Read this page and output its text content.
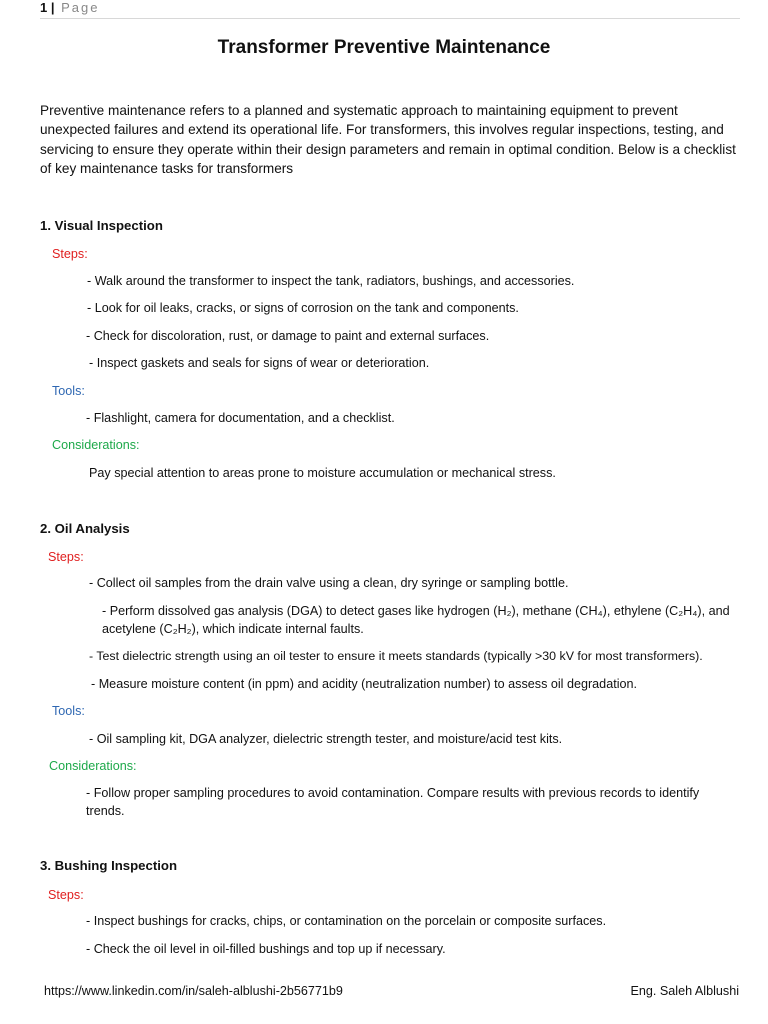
1 | Page
Transformer Preventive Maintenance
Preventive maintenance refers to a planned and systematic approach to maintaining equipment to prevent unexpected failures and extend its operational life. For transformers, this involves regular inspections, testing, and servicing to ensure they operate within their design parameters and remain in optimal condition. Below is a checklist of key maintenance tasks for transformers
1. Visual Inspection
Steps:
- Walk around the transformer to inspect the tank, radiators, bushings, and accessories.
- Look for oil leaks, cracks, or signs of corrosion on the tank and components.
- Check for discoloration, rust, or damage to paint and external surfaces.
- Inspect gaskets and seals for signs of wear or deterioration.
Tools:
- Flashlight, camera for documentation, and a checklist.
Considerations:
Pay special attention to areas prone to moisture accumulation or mechanical stress.
2. Oil Analysis
Steps:
- Collect oil samples from the drain valve using a clean, dry syringe or sampling bottle.
- Perform dissolved gas analysis (DGA) to detect gases like hydrogen (H₂), methane (CH₄), ethylene (C₂H₄), and acetylene (C₂H₂), which indicate internal faults.
- Test dielectric strength using an oil tester to ensure it meets standards (typically >30 kV for most transformers).
- Measure moisture content (in ppm) and acidity (neutralization number) to assess oil degradation.
Tools:
- Oil sampling kit, DGA analyzer, dielectric strength tester, and moisture/acid test kits.
Considerations:
- Follow proper sampling procedures to avoid contamination. Compare results with previous records to identify trends.
3. Bushing Inspection
Steps:
- Inspect bushings for cracks, chips, or contamination on the porcelain or composite surfaces.
- Check the oil level in oil-filled bushings and top up if necessary.
https://www.linkedin.com/in/saleh-alblushi-2b56771b9	Eng. Saleh Alblushi
